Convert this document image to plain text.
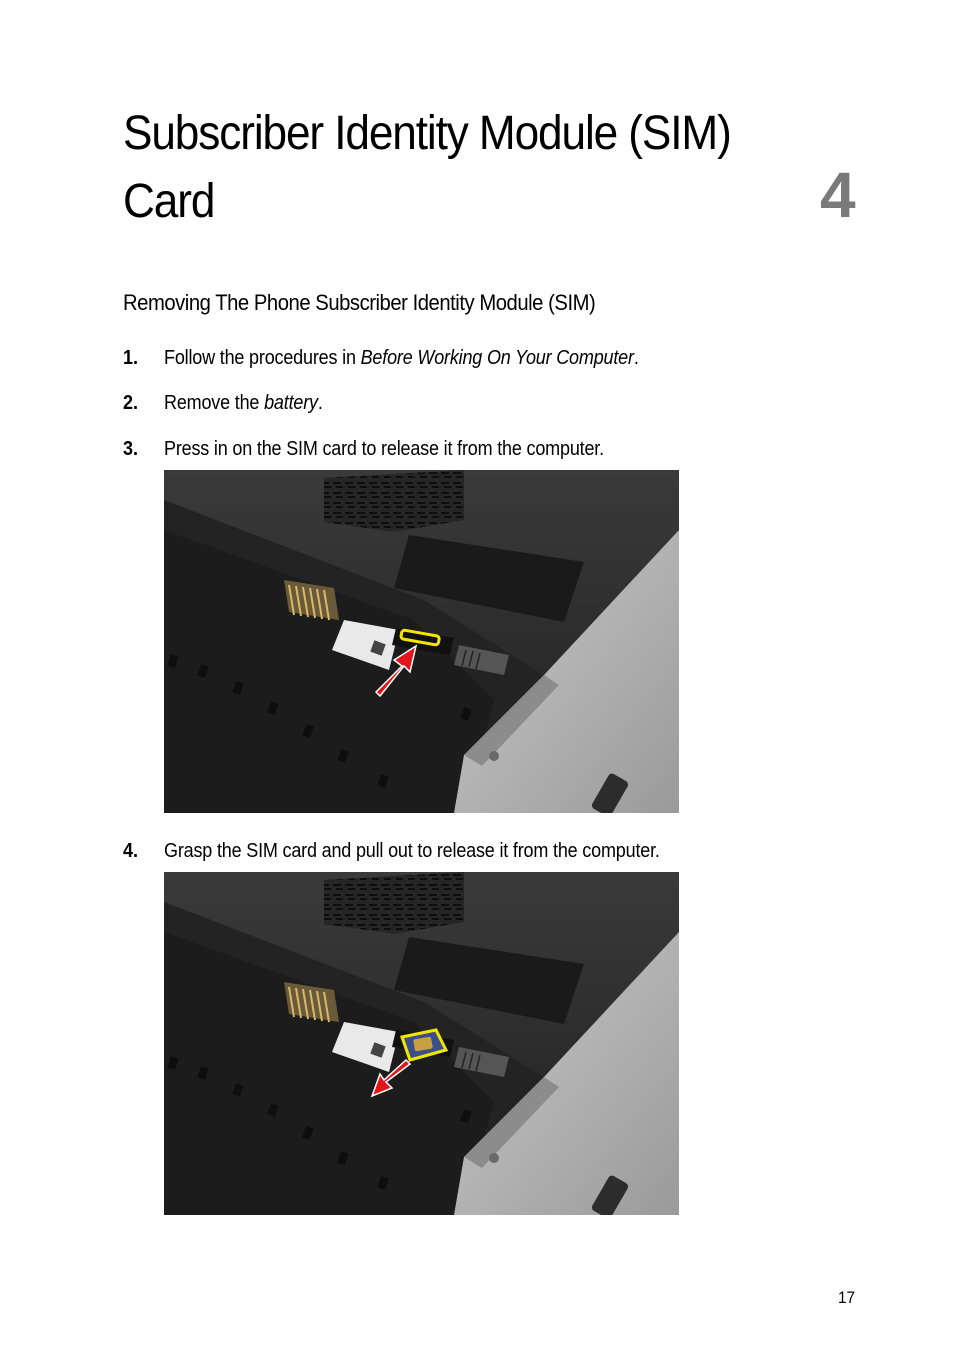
Subscriber Identity Module (SIM)
Card	4
Removing The Phone Subscriber Identity Module (SIM)
1. Follow the procedures in Before Working On Your Computer.
2. Remove the battery.
3. Press in on the SIM card to release it from the computer.
4. Grasp the SIM card and pull out to release it from the computer.
17
